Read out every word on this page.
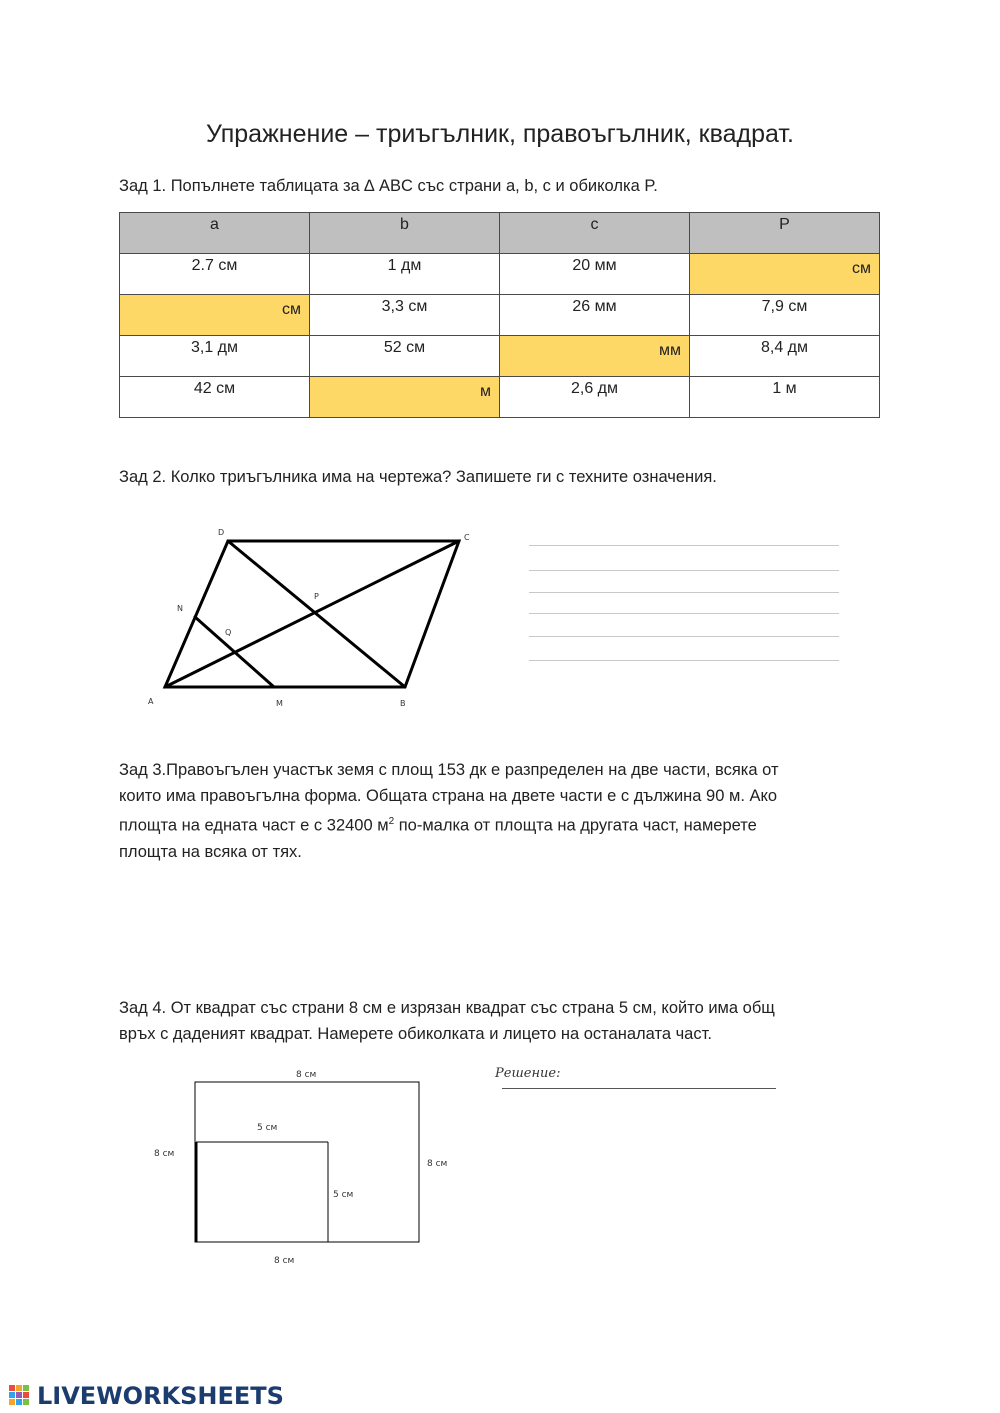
Упражнение – триъгълник, правоъгълник, квадрат.
Зад 1. Попълнете таблицата за ∆ ABC със страни a, b, c и обиколка P.
a	b	c	P
2.7 см	1 дм	20 мм	см
см	3,3 см	26 мм	7,9 см
3,1 дм	52 см	мм	8,4 дм
42 см	м	2,6 дм	1 м
Зад 2. Колко триъгълника има на чертежа? Запишете ги с техните означения.
D
C
P
N
Q
A	M	B
Зад 3.Правоъгълен участък земя с площ 153 дк е разпределен на две части, всяка от
които има правоъгълна форма. Общата страна на двете части е с дължина 90 м. Ако
площта на едната част е с 32400 $м^2$ по-малка от площта на другата част, намерете
площта на всяка от тях.
Зад 4. От квадрат със страни 8 см е изрязан квадрат със страна 5 см, който има общ
връх с даденият квадрат. Намерете обиколката и лицето на останалата част.
8 см
8 см
8 см
8 см
5 см
5 см
Решение:
LIVEWORKSHEETS
